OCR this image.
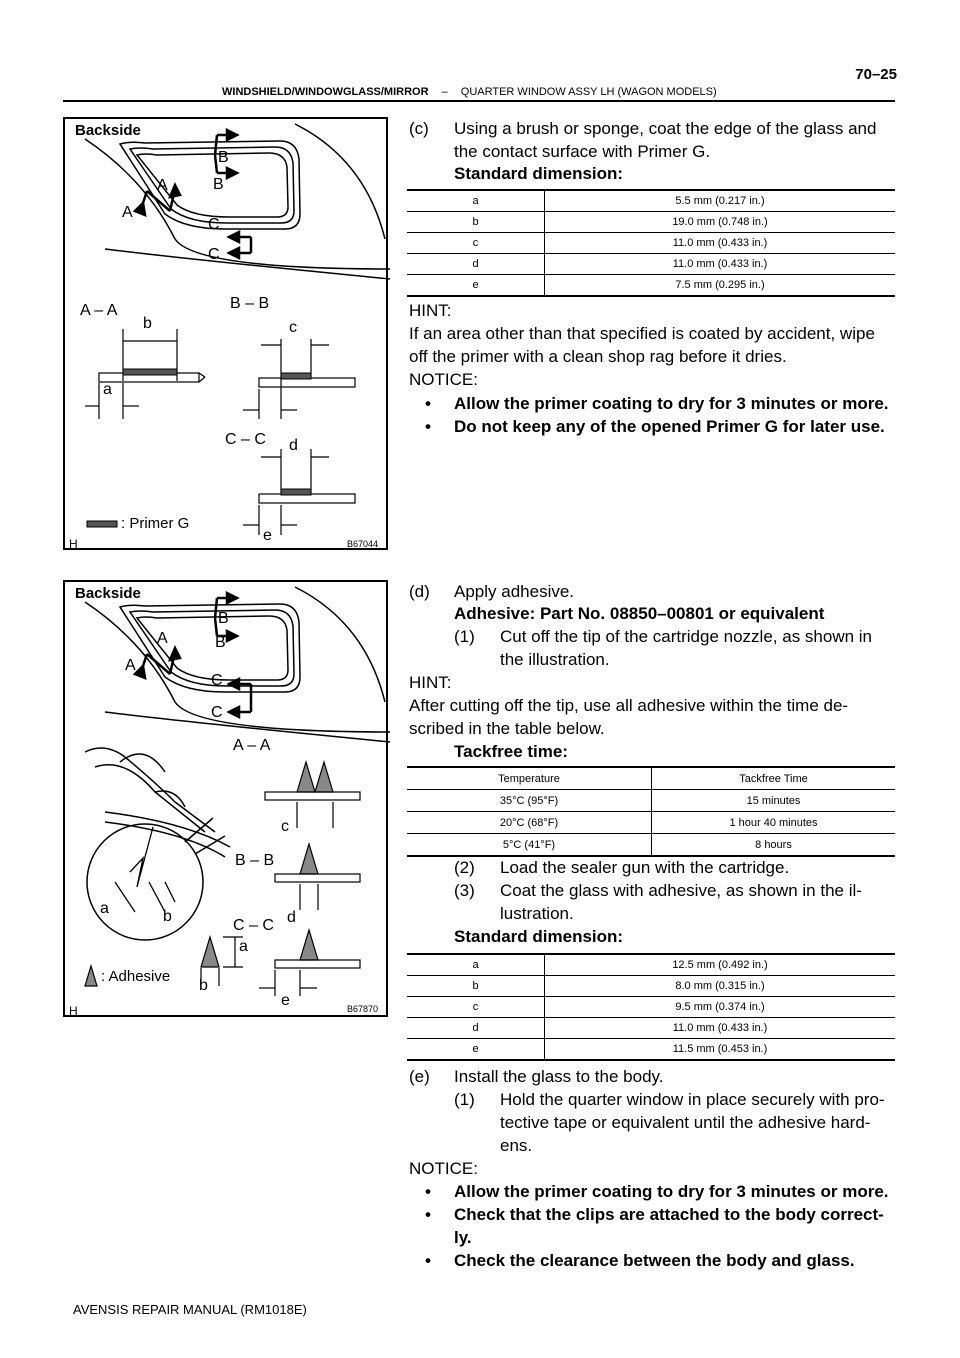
70–25
WINDSHIELD/WINDOWGLASS/MIRROR – QUARTER WINDOW ASSY LH (WAGON MODELS)
Backside
A
A
B
B
C
C
A – A	B – B
C – C
b
a
c
d
e
: Primer G
H	B67044
Backside
A
A
B
B
C
C
A – A
c
B – B
d
C – C
a	b
a
b
e
: Adhesive
H	B67870
(c) Using a brush or sponge, coat the edge of the glass and
the contact surface with Primer G.
Standard dimension:
a	5.5 mm (0.217 in.)
b	19.0 mm (0.748 in.)
c	11.0 mm (0.433 in.)
d	11.0 mm (0.433 in.)
e	7.5 mm (0.295 in.)
HINT:
If an area other than that specified is coated by accident, wipe
off the primer with a clean shop rag before it dries.
NOTICE:
• Allow the primer coating to dry for 3 minutes or more.
• Do not keep any of the opened Primer G for later use.
(d) Apply adhesive.
Adhesive: Part No. 08850–00801 or equivalent
(1) Cut off the tip of the cartridge nozzle, as shown in
the illustration.
HINT:
After cutting off the tip, use all adhesive within the time de-
scribed in the table below.
Tackfree time:
Temperature	Tackfree Time
35°C (95°F)	15 minutes
20°C (68°F)	1 hour 40 minutes
5°C (41°F)	8 hours
(2) Load the sealer gun with the cartridge.
(3) Coat the glass with adhesive, as shown in the il-
lustration.
Standard dimension:
a	12.5 mm (0.492 in.)
b	8.0 mm (0.315 in.)
c	9.5 mm (0.374 in.)
d	11.0 mm (0.433 in.)
e	11.5 mm (0.453 in.)
(e) Install the glass to the body.
(1) Hold the quarter window in place securely with pro-
tective tape or equivalent until the adhesive hard-
ens.
NOTICE:
• Allow the primer coating to dry for 3 minutes or more.
• Check that the clips are attached to the body correct-
ly.
• Check the clearance between the body and glass.
AVENSIS REPAIR MANUAL (RM1018E)
